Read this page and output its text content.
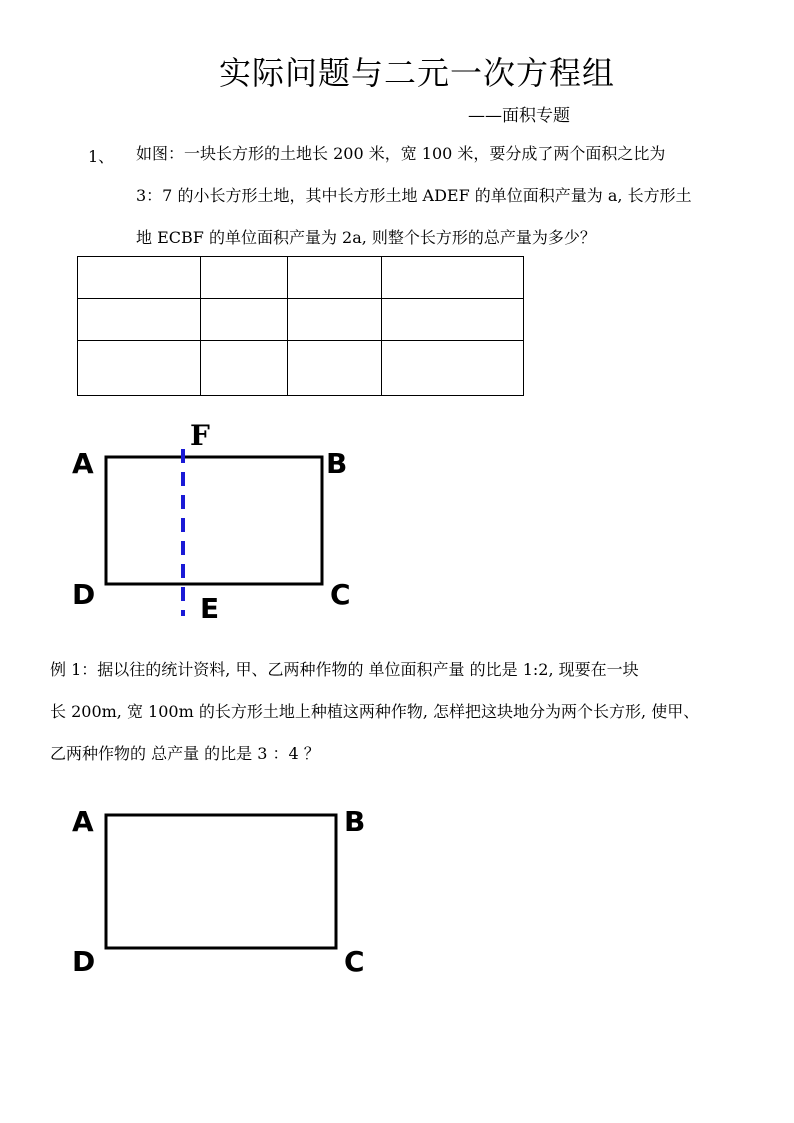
实际问题与二元一次方程组
——面积专题
1、 如图：一块长方形的土地长 200 米，宽 100 米，要分成了两个面积之比为
3：7 的小长方形土地，其中长方形土地 ADEF 的单位面积产量为 a, 长方形土
地 ECBF 的单位面积产量为 2a, 则整个长方形的总产量为多少？

A	B
C
D	E
F
例 1：据以往的统计资料, 甲、乙两种作物的 单位面积产量 的比是 1:2, 现要在一块
长 200m, 宽 100m 的长方形土地上种植这两种作物, 怎样把这块地分为两个长方形, 使甲、
乙两种作物的 总产量 的比是 3 ：4 ？
A	B
C
D
